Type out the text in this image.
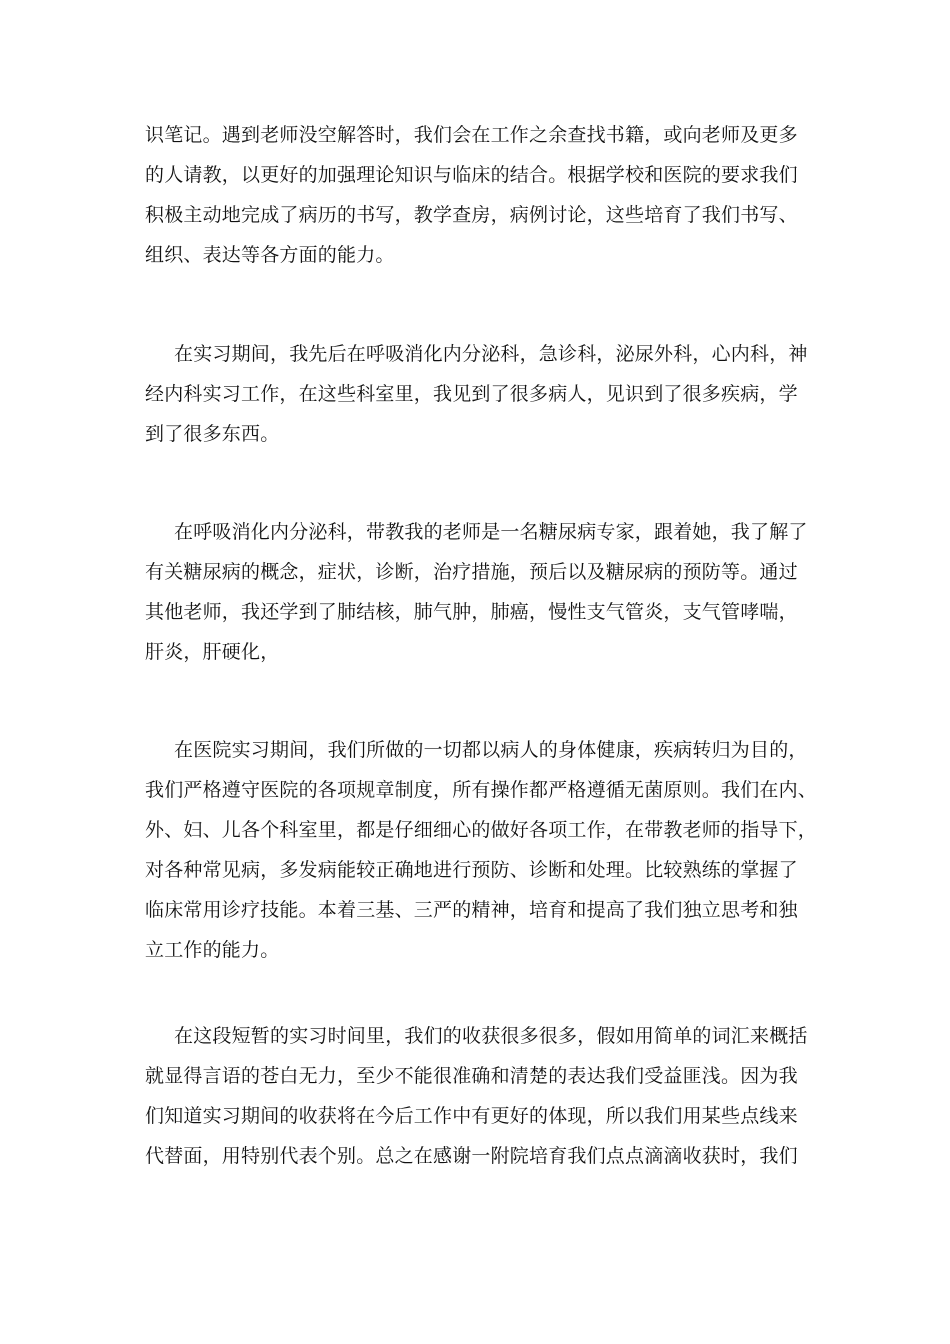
识笔记。遇到老师没空解答时，我们会在工作之余查找书籍，或向老师及更多
的人请教，以更好的加强理论知识与临床的结合。根据学校和医院的要求我们
积极主动地完成了病历的书写，教学查房，病例讨论，这些培育了我们书写、
组织、表达等各方面的能力。

在实习期间，我先后在呼吸消化内分泌科，急诊科，泌尿外科，心内科，神
经内科实习工作，在这些科室里，我见到了很多病人，见识到了很多疾病，学
到了很多东西。

在呼吸消化内分泌科，带教我的老师是一名糖尿病专家，跟着她，我了解了
有关糖尿病的概念，症状，诊断，治疗措施，预后以及糖尿病的预防等。通过
其他老师，我还学到了肺结核，肺气肿，肺癌，慢性支气管炎，支气管哮喘，
肝炎，肝硬化，

在医院实习期间，我们所做的一切都以病人的身体健康，疾病转归为目的，
我们严格遵守医院的各项规章制度，所有操作都严格遵循无菌原则。我们在内、
外、妇、儿各个科室里，都是仔细细心的做好各项工作，在带教老师的指导下，
对各种常见病，多发病能较正确地进行预防、诊断和处理。比较熟练的掌握了
临床常用诊疗技能。本着三基、三严的精神，培育和提高了我们独立思考和独
立工作的能力。

在这段短暂的实习时间里，我们的收获很多很多，假如用简单的词汇来概括
就显得言语的苍白无力，至少不能很准确和清楚的表达我们受益匪浅。因为我
们知道实习期间的收获将在今后工作中有更好的体现，所以我们用某些点线来
代替面，用特别代表个别。总之在感谢一附院培育我们点点滴滴收获时，我们
